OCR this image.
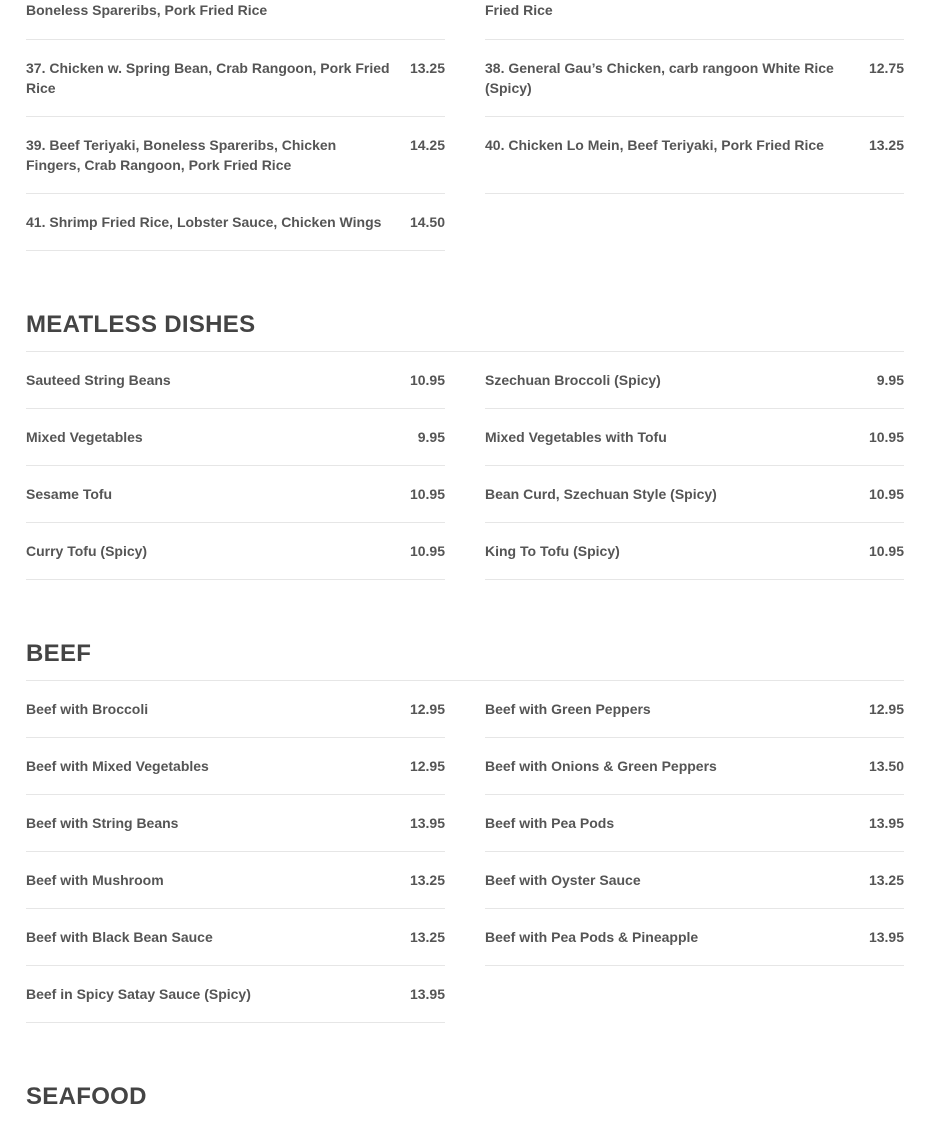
Boneless Spareribs, Pork Fried Rice
37. Chicken w. Spring Bean, Crab Rangoon, Pork Fried Rice
13.25
39. Beef Teriyaki, Boneless Spareribs, Chicken Fingers, Crab Rangoon, Pork Fried Rice
14.25
41. Shrimp Fried Rice, Lobster Sauce, Chicken Wings	14.50
Fried Rice
38. General Gau’s Chicken, carb rangoon White Rice (Spicy)
12.75
40. Chicken Lo Mein, Beef Teriyaki, Pork Fried Rice	13.25
MEATLESS DISHES
Sauteed String Beans	10.95
Mixed Vegetables	9.95
Sesame Tofu	10.95
Curry Tofu (Spicy)	10.95
Szechuan Broccoli (Spicy)	9.95
Mixed Vegetables with Tofu	10.95
Bean Curd, Szechuan Style (Spicy)	10.95
King To Tofu (Spicy)	10.95
BEEF
Beef with Broccoli	12.95
Beef with Mixed Vegetables	12.95
Beef with String Beans	13.95
Beef with Mushroom	13.25
Beef with Black Bean Sauce	13.25
Beef in Spicy Satay Sauce (Spicy)	13.95
Beef with Green Peppers	12.95
Beef with Onions & Green Peppers	13.50
Beef with Pea Pods	13.95
Beef with Oyster Sauce	13.25
Beef with Pea Pods & Pineapple	13.95
SEAFOOD
